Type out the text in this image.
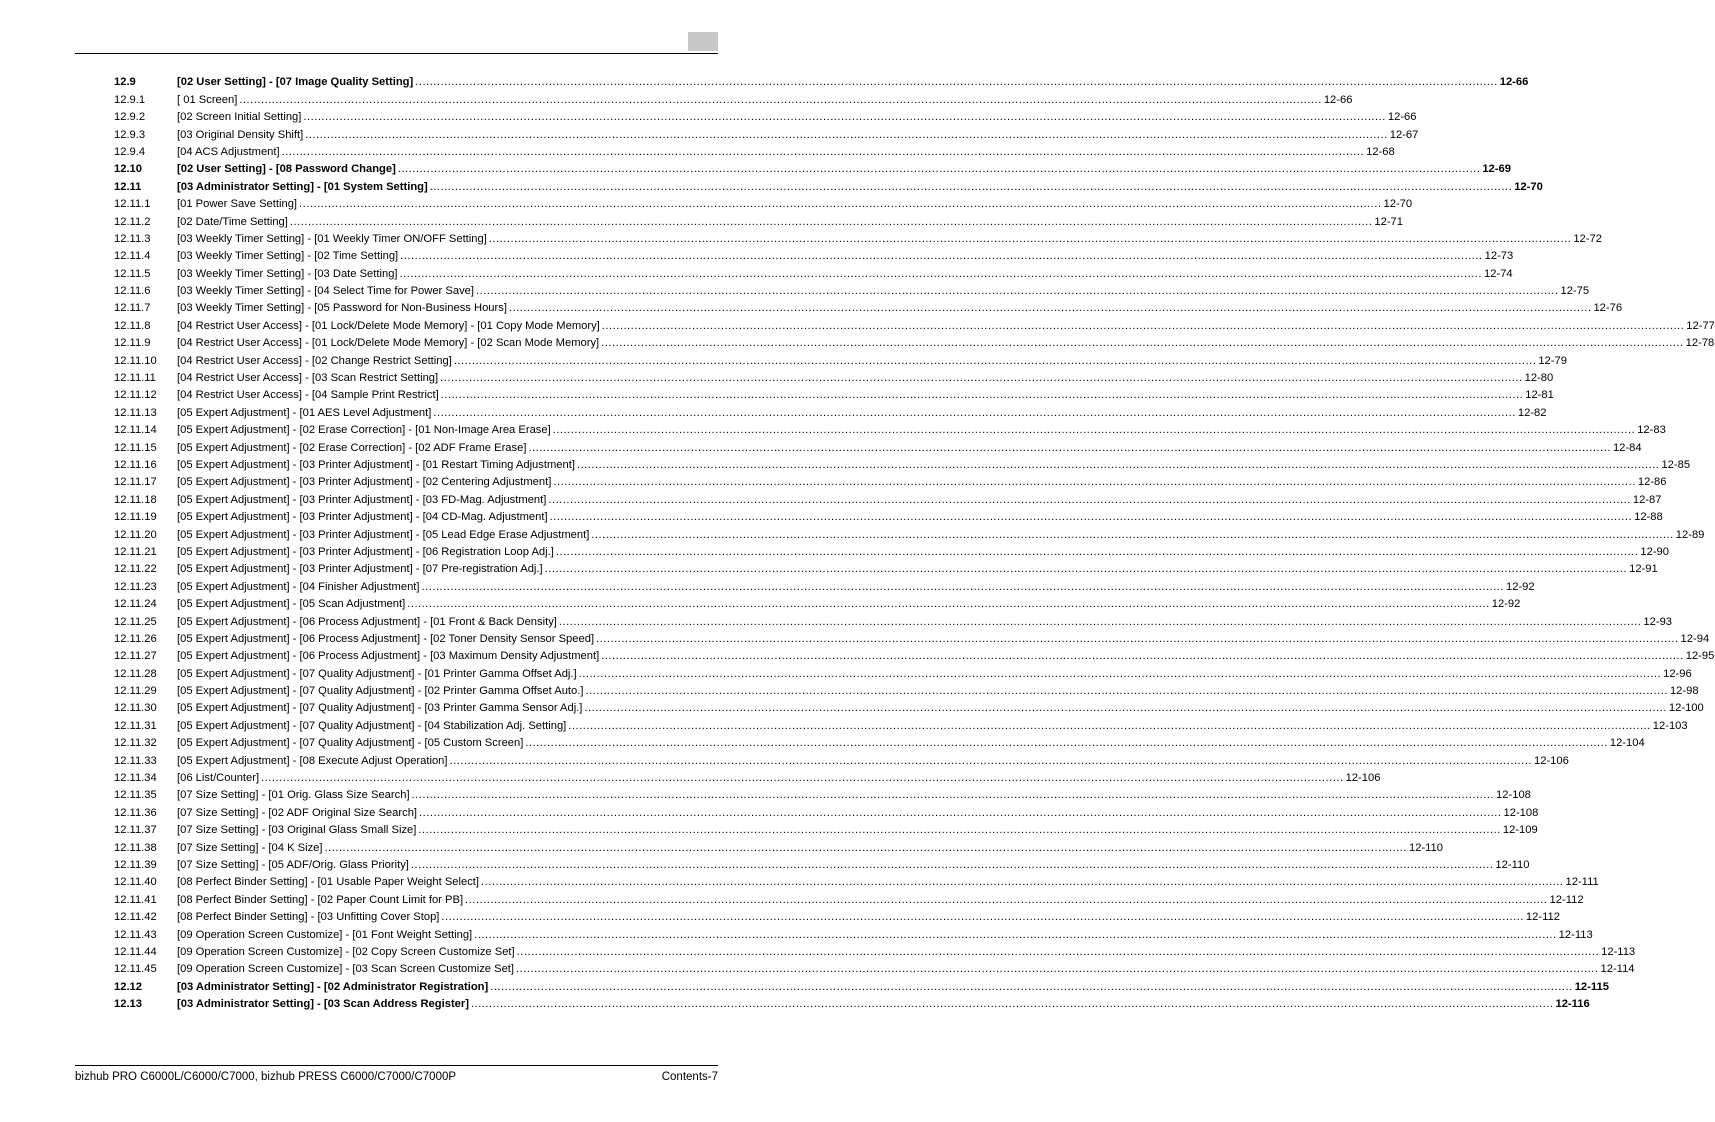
12.9	[02 User Setting] - [07 Image Quality Setting] ............................................................................................................................................................................................................................................................................................................ 12-66
12.9.1	[ 01 Screen] ............................................................................................................................................................................................................................................................................................................ 12-66
12.9.2	[02 Screen Initial Setting] ............................................................................................................................................................................................................................................................................................................ 12-66
12.9.3	[03 Original Density Shift] ............................................................................................................................................................................................................................................................................................................ 12-67
12.9.4	[04 ACS Adjustment] ............................................................................................................................................................................................................................................................................................................ 12-68
12.10	[02 User Setting] - [08 Password Change] ............................................................................................................................................................................................................................................................................................................ 12-69
12.11	[03 Administrator Setting] - [01 System Setting] ............................................................................................................................................................................................................................................................................................................ 12-70
12.11.1	[01 Power Save Setting] ............................................................................................................................................................................................................................................................................................................ 12-70
12.11.2	[02 Date/Time Setting] ............................................................................................................................................................................................................................................................................................................ 12-71
12.11.3	[03 Weekly Timer Setting] - [01 Weekly Timer ON/OFF Setting] ............................................................................................................................................................................................................................................................................................................ 12-72
12.11.4	[03 Weekly Timer Setting] - [02 Time Setting] ............................................................................................................................................................................................................................................................................................................ 12-73
12.11.5	[03 Weekly Timer Setting] - [03 Date Setting] ............................................................................................................................................................................................................................................................................................................ 12-74
12.11.6	[03 Weekly Timer Setting] - [04 Select Time for Power Save] ............................................................................................................................................................................................................................................................................................................ 12-75
12.11.7	[03 Weekly Timer Setting] - [05 Password for Non-Business Hours] ............................................................................................................................................................................................................................................................................................................ 12-76
12.11.8	[04 Restrict User Access] - [01 Lock/Delete Mode Memory] - [01 Copy Mode Memory] ............................................................................................................................................................................................................................................................................................................ 12-77
12.11.9	[04 Restrict User Access] - [01 Lock/Delete Mode Memory] - [02 Scan Mode Memory] ............................................................................................................................................................................................................................................................................................................ 12-78
12.11.10	[04 Restrict User Access] - [02 Change Restrict Setting] ............................................................................................................................................................................................................................................................................................................ 12-79
12.11.11	[04 Restrict User Access] - [03 Scan Restrict Setting] ............................................................................................................................................................................................................................................................................................................ 12-80
12.11.12	[04 Restrict User Access] - [04 Sample Print Restrict] ............................................................................................................................................................................................................................................................................................................ 12-81
12.11.13	[05 Expert Adjustment] - [01 AES Level Adjustment] ............................................................................................................................................................................................................................................................................................................ 12-82
12.11.14	[05 Expert Adjustment] - [02 Erase Correction] - [01 Non-Image Area Erase] ............................................................................................................................................................................................................................................................................................................ 12-83
12.11.15	[05 Expert Adjustment] - [02 Erase Correction] - [02 ADF Frame Erase] ............................................................................................................................................................................................................................................................................................................ 12-84
12.11.16	[05 Expert Adjustment] - [03 Printer Adjustment] - [01 Restart Timing Adjustment] ............................................................................................................................................................................................................................................................................................................ 12-85
12.11.17	[05 Expert Adjustment] - [03 Printer Adjustment] - [02 Centering Adjustment] ............................................................................................................................................................................................................................................................................................................ 12-86
12.11.18	[05 Expert Adjustment] - [03 Printer Adjustment] - [03 FD-Mag. Adjustment] ............................................................................................................................................................................................................................................................................................................ 12-87
12.11.19	[05 Expert Adjustment] - [03 Printer Adjustment] - [04 CD-Mag. Adjustment] ............................................................................................................................................................................................................................................................................................................ 12-88
12.11.20	[05 Expert Adjustment] - [03 Printer Adjustment] - [05 Lead Edge Erase Adjustment] ............................................................................................................................................................................................................................................................................................................ 12-89
12.11.21	[05 Expert Adjustment] - [03 Printer Adjustment] - [06 Registration Loop Adj.] ............................................................................................................................................................................................................................................................................................................ 12-90
12.11.22	[05 Expert Adjustment] - [03 Printer Adjustment] - [07 Pre-registration Adj.] ............................................................................................................................................................................................................................................................................................................ 12-91
12.11.23	[05 Expert Adjustment] - [04 Finisher Adjustment] ............................................................................................................................................................................................................................................................................................................ 12-92
12.11.24	[05 Expert Adjustment] - [05 Scan Adjustment] ............................................................................................................................................................................................................................................................................................................ 12-92
12.11.25	[05 Expert Adjustment] - [06 Process Adjustment] - [01 Front & Back Density] ............................................................................................................................................................................................................................................................................................................ 12-93
12.11.26	[05 Expert Adjustment] - [06 Process Adjustment] - [02 Toner Density Sensor Speed] ............................................................................................................................................................................................................................................................................................................ 12-94
12.11.27	[05 Expert Adjustment] - [06 Process Adjustment] - [03 Maximum Density Adjustment] ............................................................................................................................................................................................................................................................................................................ 12-95
12.11.28	[05 Expert Adjustment] - [07 Quality Adjustment] - [01 Printer Gamma Offset Adj.] ............................................................................................................................................................................................................................................................................................................ 12-96
12.11.29	[05 Expert Adjustment] - [07 Quality Adjustment] - [02 Printer Gamma Offset Auto.] ............................................................................................................................................................................................................................................................................................................ 12-98
12.11.30	[05 Expert Adjustment] - [07 Quality Adjustment] - [03 Printer Gamma Sensor Adj.] ............................................................................................................................................................................................................................................................................................................ 12-100
12.11.31	[05 Expert Adjustment] - [07 Quality Adjustment] - [04 Stabilization Adj. Setting] ............................................................................................................................................................................................................................................................................................................ 12-103
12.11.32	[05 Expert Adjustment] - [07 Quality Adjustment] - [05 Custom Screen] ............................................................................................................................................................................................................................................................................................................ 12-104
12.11.33	[05 Expert Adjustment] - [08 Execute Adjust Operation] ............................................................................................................................................................................................................................................................................................................ 12-106
12.11.34	[06 List/Counter] ............................................................................................................................................................................................................................................................................................................ 12-106
12.11.35	[07 Size Setting] - [01 Orig. Glass Size Search] ............................................................................................................................................................................................................................................................................................................ 12-108
12.11.36	[07 Size Setting] - [02 ADF Original Size Search] ............................................................................................................................................................................................................................................................................................................ 12-108
12.11.37	[07 Size Setting] - [03 Original Glass Small Size] ............................................................................................................................................................................................................................................................................................................ 12-109
12.11.38	[07 Size Setting] - [04 K Size] ............................................................................................................................................................................................................................................................................................................ 12-110
12.11.39	[07 Size Setting] - [05 ADF/Orig. Glass Priority] ............................................................................................................................................................................................................................................................................................................ 12-110
12.11.40	[08 Perfect Binder Setting] - [01 Usable Paper Weight Select] ............................................................................................................................................................................................................................................................................................................ 12-111
12.11.41	[08 Perfect Binder Setting] - [02 Paper Count Limit for PB] ............................................................................................................................................................................................................................................................................................................ 12-112
12.11.42	[08 Perfect Binder Setting] - [03 Unfitting Cover Stop] ............................................................................................................................................................................................................................................................................................................ 12-112
12.11.43	[09 Operation Screen Customize] - [01 Font Weight Setting] ............................................................................................................................................................................................................................................................................................................ 12-113
12.11.44	[09 Operation Screen Customize] - [02 Copy Screen Customize Set] ............................................................................................................................................................................................................................................................................................................ 12-113
12.11.45	[09 Operation Screen Customize] - [03 Scan Screen Customize Set] ............................................................................................................................................................................................................................................................................................................ 12-114
12.12	[03 Administrator Setting] - [02 Administrator Registration] ............................................................................................................................................................................................................................................................................................................ 12-115
12.13	[03 Administrator Setting] - [03 Scan Address Register] ............................................................................................................................................................................................................................................................................................................ 12-116
bizhub PRO C6000L/C6000/C7000, bizhub PRESS C6000/C7000/C7000P	Contents-7
